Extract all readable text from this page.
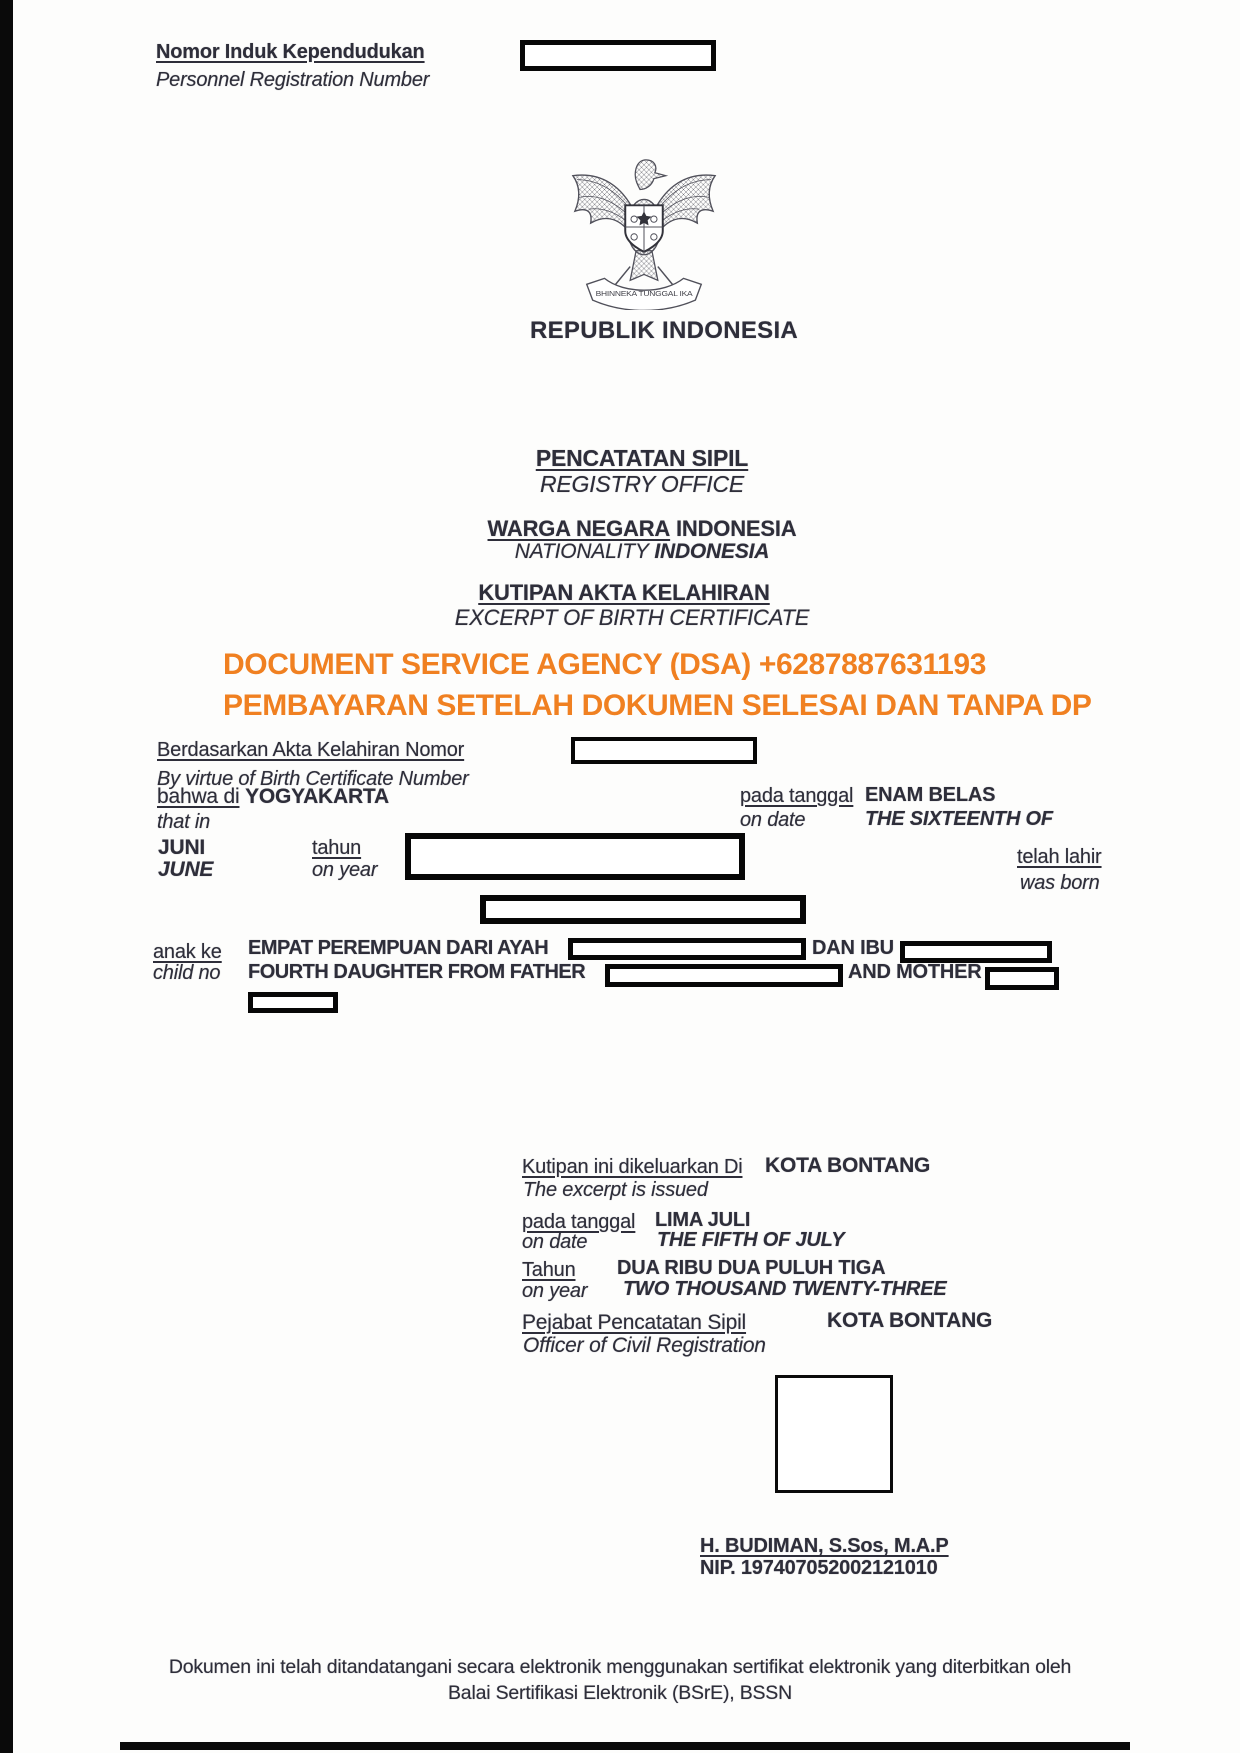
Nomor Induk Kependudukan
Personnel Registration Number
BHINNEKA TUNGGAL IKA
REPUBLIK INDONESIA
PENCATATAN SIPIL
REGISTRY OFFICE
WARGA NEGARA INDONESIA
NATIONALITY INDONESIA
KUTIPAN AKTA KELAHIRAN
EXCERPT OF BIRTH CERTIFICATE
DOCUMENT SERVICE AGENCY (DSA) +6287887631193
PEMBAYARAN SETELAH DOKUMEN SELESAI DAN TANPA DP
Berdasarkan Akta Kelahiran Nomor
By virtue of Birth Certificate Number
bahwa di YOGYAKARTA
that in
pada tanggal ENAM BELAS
on date	THE SIXTEENTH OF
JUNI
JUNE
tahun
on year
telah lahir
was born
anak ke
child no
EMPAT PEREMPUAN DARI AYAH	DAN IBU
FOURTH DAUGHTER FROM FATHER	AND MOTHER
Kutipan ini dikeluarkan Di KOTA BONTANG
The excerpt is issued
pada tanggal LIMA JULI
on date	THE FIFTH OF JULY
Tahun DUA RIBU DUA PULUH TIGA
on year TWO THOUSAND TWENTY-THREE
Pejabat Pencatatan Sipil	KOTA BONTANG
Officer of Civil Registration
H. BUDIMAN, S.Sos, M.A.P
NIP. 197407052002121010
Dokumen ini telah ditandatangani secara elektronik menggunakan sertifikat elektronik yang diterbitkan oleh
Balai Sertifikasi Elektronik (BSrE), BSSN
